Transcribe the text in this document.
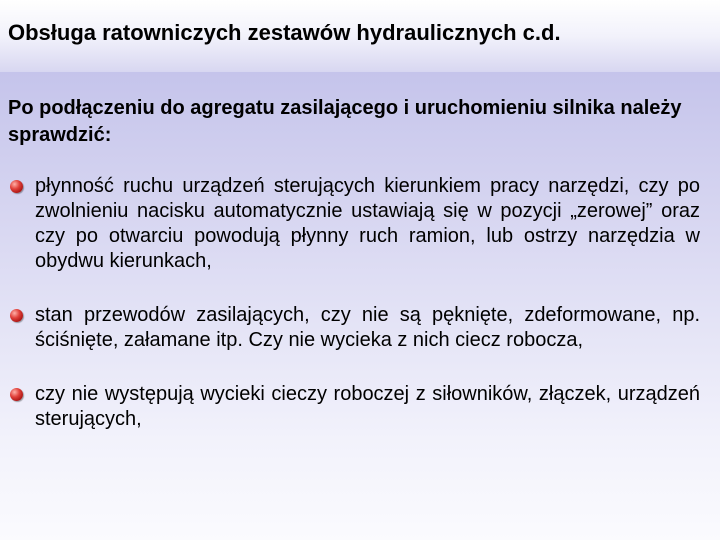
Obsługa ratowniczych zestawów hydraulicznych c.d.

Po podłączeniu do agregatu zasilającego i uruchomieniu silnika należy sprawdzić:

płynność ruchu urządzeń sterujących kierunkiem pracy narzędzi, czy po zwolnieniu nacisku automatycznie ustawiają się w pozycji „zerowej” oraz czy po otwarciu powodują płynny ruch ramion, lub ostrzy narzędzia w obydwu kierunkach,
stan przewodów zasilających, czy nie są pęknięte, zdeformowane, np. ściśnięte, załamane itp. Czy nie wycieka z nich ciecz robocza,
czy nie występują wycieki cieczy roboczej z siłowników, złączek, urządzeń sterujących,
